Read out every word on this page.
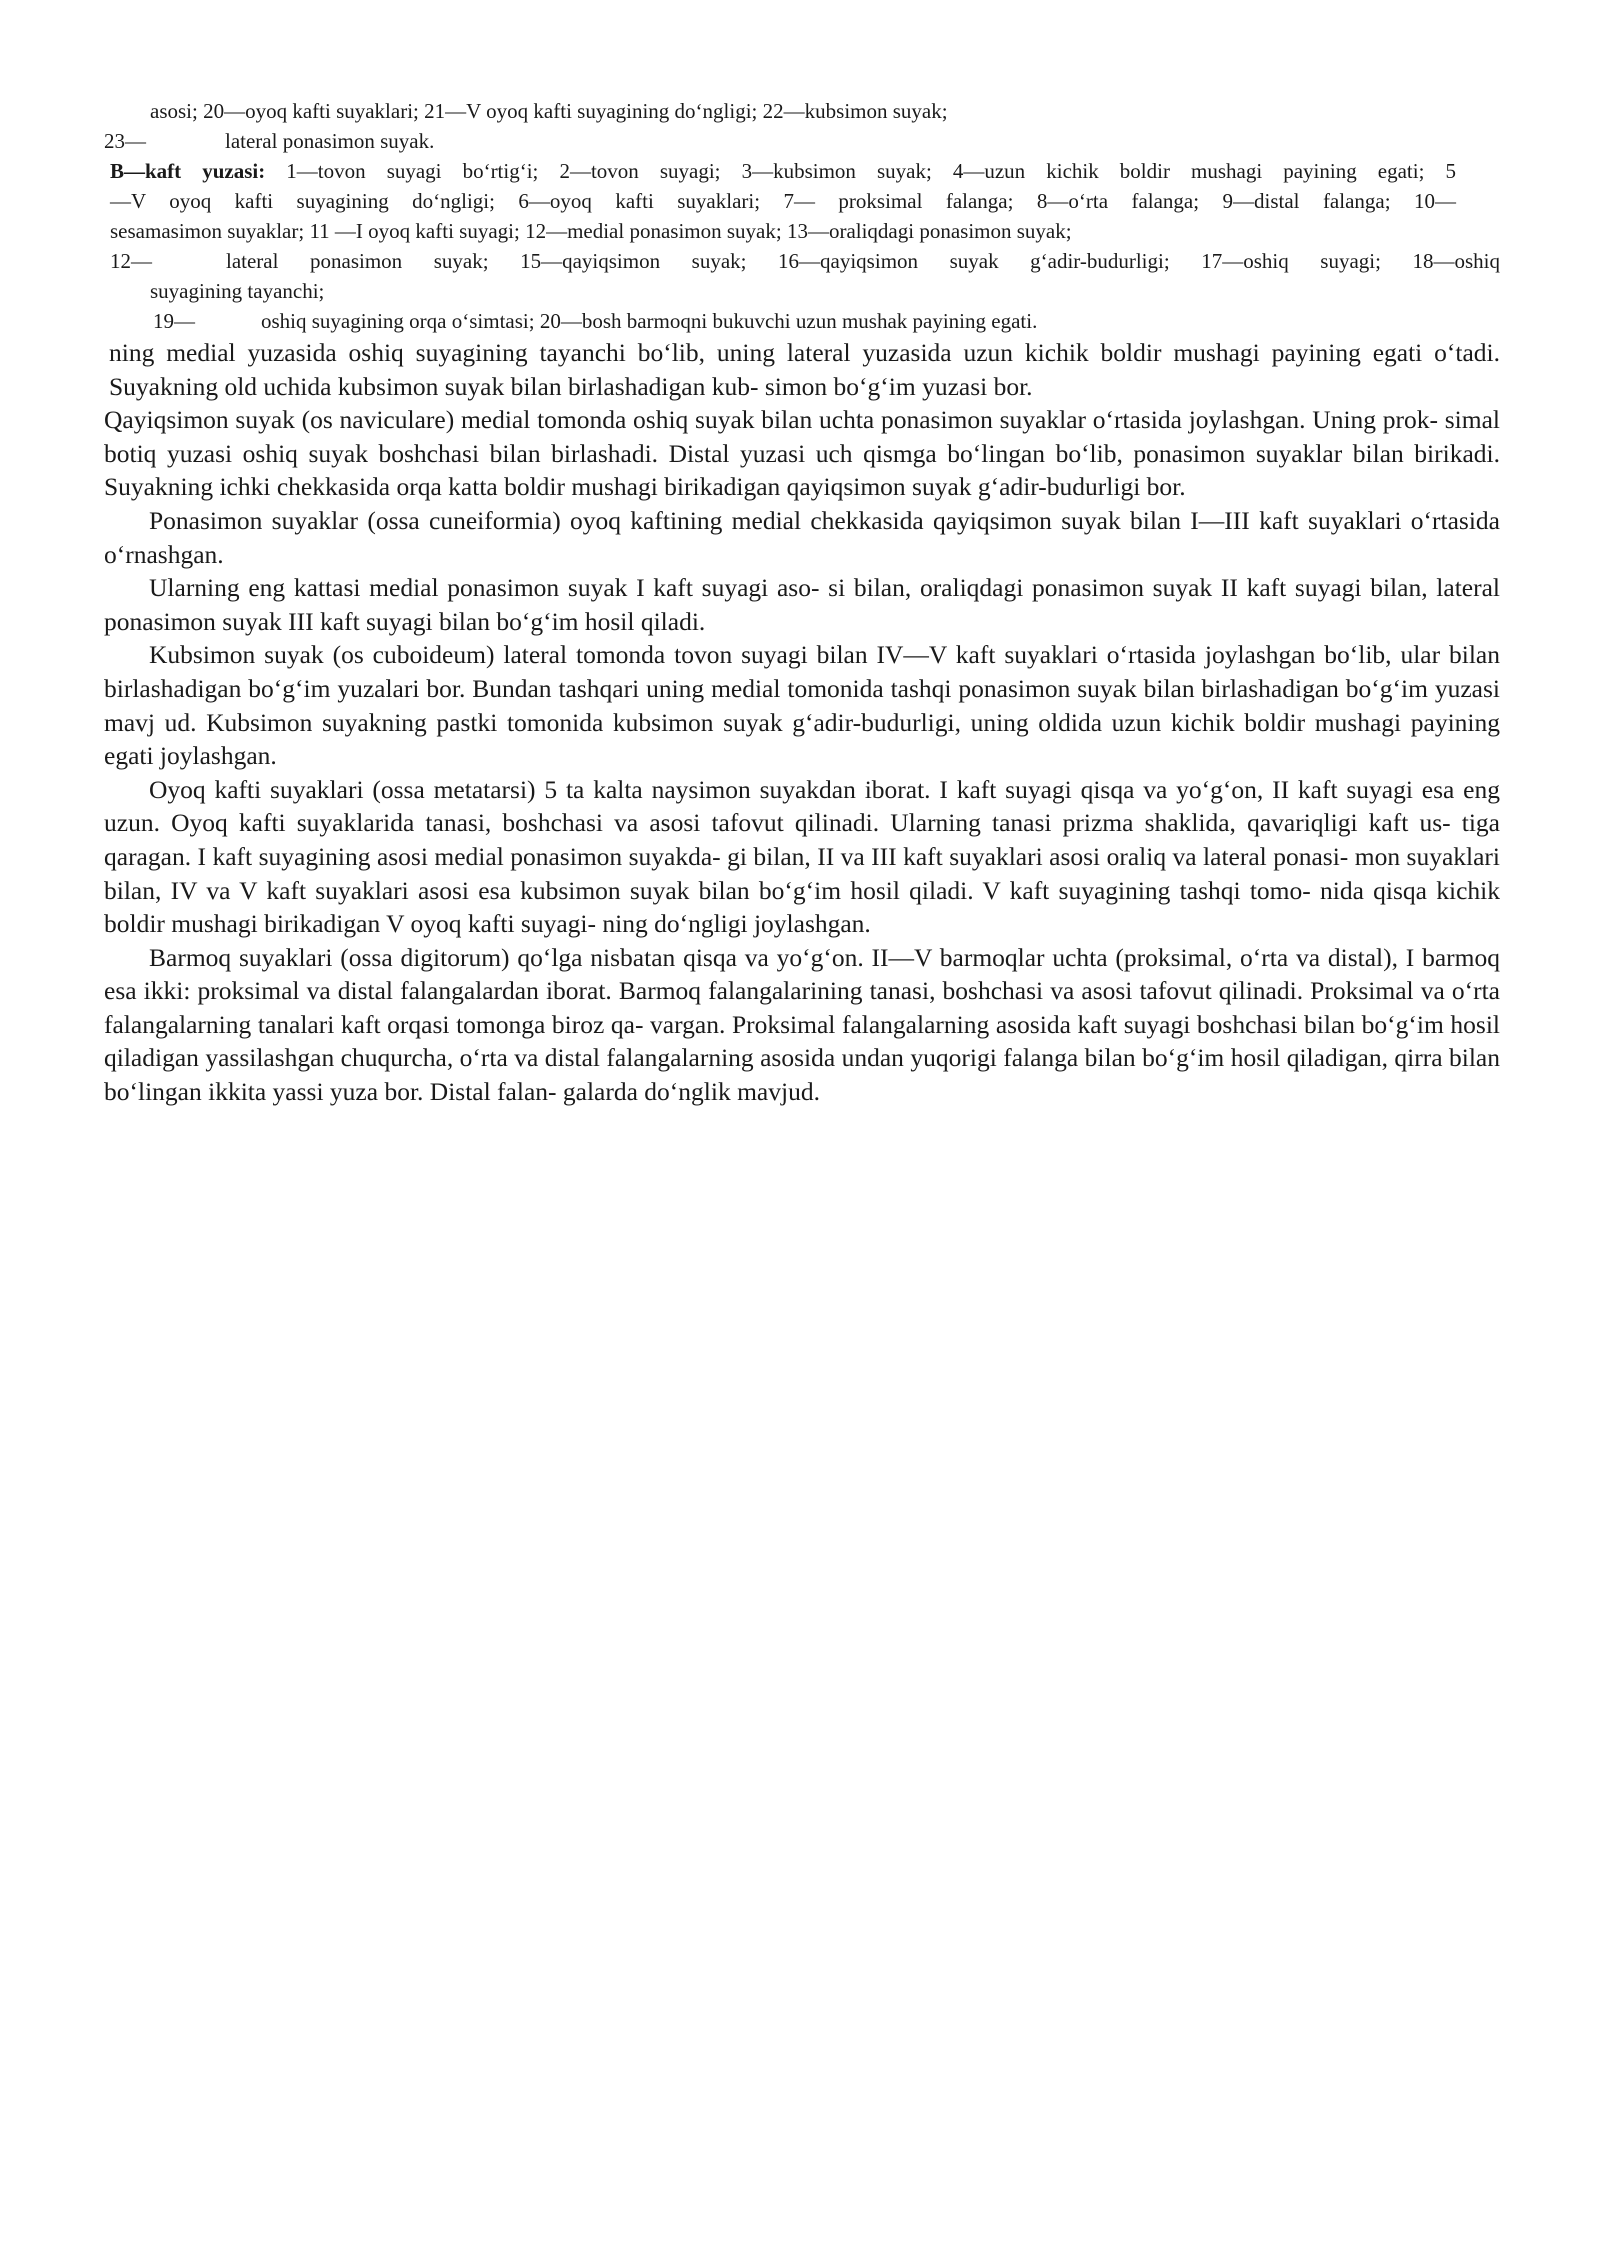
asosi; 20—oyoq kafti suyaklari; 21—V oyoq kafti suyagining do‘ngligi; 22—kubsimon suyak;
23—	lateral ponasimon suyak.
B—kaft yuzasi: 1—tovon suyagi bo‘rtig‘i; 2—tovon suyagi; 3—kubsimon suyak; 4—uzun kichik boldir mushagi payining egati; 5
—V oyoq kafti suyagining do‘ngligi; 6—oyoq kafti suyaklari; 7— proksimal falanga; 8—o‘rta falanga; 9—distal falanga; 10—
sesamasimon suyaklar; 11 —I oyoq kafti suyagi; 12—medial ponasimon suyak; 13—oraliqdagi ponasimon suyak;
12—	lateral ponasimon suyak; 15—qayiqsimon suyak; 16—qayiqsimon suyak g‘adir-budurligi; 17—oshiq suyagi; 18—oshiq
suyagining tayanchi;
19—	oshiq suyagining orqa o‘simtasi; 20—bosh barmoqni bukuvchi uzun mushak payining egati.

ning medial yuzasida oshiq suyagining tayanchi bo‘lib, uning lateral yuzasida uzun kichik boldir mushagi payining egati o‘tadi. Suyakning old uchida kubsimon suyak bilan birlashadigan kub- simon bo‘g‘im yuzasi bor.

Qayiqsimon suyak (os naviculare) medial tomonda oshiq suyak bilan uchta ponasimon suyaklar o‘rtasida joylashgan. Uning prok- simal botiq yuzasi oshiq suyak boshchasi bilan birlashadi. Distal yuzasi uch qismga bo‘lingan bo‘lib, ponasimon suyaklar bilan birikadi. Suyakning ichki chekkasida orqa katta boldir mushagi birikadigan qayiqsimon suyak g‘adir-budurligi bor.

Ponasimon suyaklar (ossa cuneiformia) oyoq kaftining medial chekkasida qayiqsimon suyak bilan I—III kaft suyaklari o‘rtasida o‘rnashgan.

Ularning eng kattasi medial ponasimon suyak I kaft suyagi aso- si bilan, oraliqdagi ponasimon suyak II kaft suyagi bilan, lateral ponasimon suyak III kaft suyagi bilan bo‘g‘im hosil qiladi.

Kubsimon suyak (os cuboideum) lateral tomonda tovon suyagi bilan IV—V kaft suyaklari o‘rtasida joylashgan bo‘lib, ular bilan birlashadigan bo‘g‘im yuzalari bor. Bundan tashqari uning medial tomonida tashqi ponasimon suyak bilan birlashadigan bo‘g‘im yuzasi mavj ud. Kubsimon suyakning pastki tomonida kubsimon suyak g‘adir-budurligi, uning oldida uzun kichik boldir mushagi payining egati joylashgan.

Oyoq kafti suyaklari (ossa metatarsi) 5 ta kalta naysimon suyakdan iborat. I kaft suyagi qisqa va yo‘g‘on, II kaft suyagi esa eng uzun. Oyoq kafti suyaklarida tanasi, boshchasi va asosi tafovut qilinadi. Ularning tanasi prizma shaklida, qavariqligi kaft us- tiga qaragan. I kaft suyagining asosi medial ponasimon suyakda- gi bilan, II va III kaft suyaklari asosi oraliq va lateral ponasi- mon suyaklari bilan, IV va V kaft suyaklari asosi esa kubsimon suyak bilan bo‘g‘im hosil qiladi. V kaft suyagining tashqi tomo- nida qisqa kichik boldir mushagi birikadigan V oyoq kafti suyagi- ning do‘ngligi joylashgan.

Barmoq suyaklari (ossa digitorum) qo‘lga nisbatan qisqa va yo‘g‘on. II—V barmoqlar uchta (proksimal, o‘rta va distal), I barmoq esa ikki: proksimal va distal falangalardan iborat. Barmoq falangalarining tanasi, boshchasi va asosi tafovut qilinadi. Proksimal va o‘rta falangalarning tanalari kaft orqasi tomonga biroz qa- vargan. Proksimal falangalarning asosida kaft suyagi boshchasi bilan bo‘g‘im hosil qiladigan yassilashgan chuqurcha, o‘rta va distal falangalarning asosida undan yuqorigi falanga bilan bo‘g‘im hosil qiladigan, qirra bilan bo‘lingan ikkita yassi yuza bor. Distal falan- galarda do‘nglik mavjud.
